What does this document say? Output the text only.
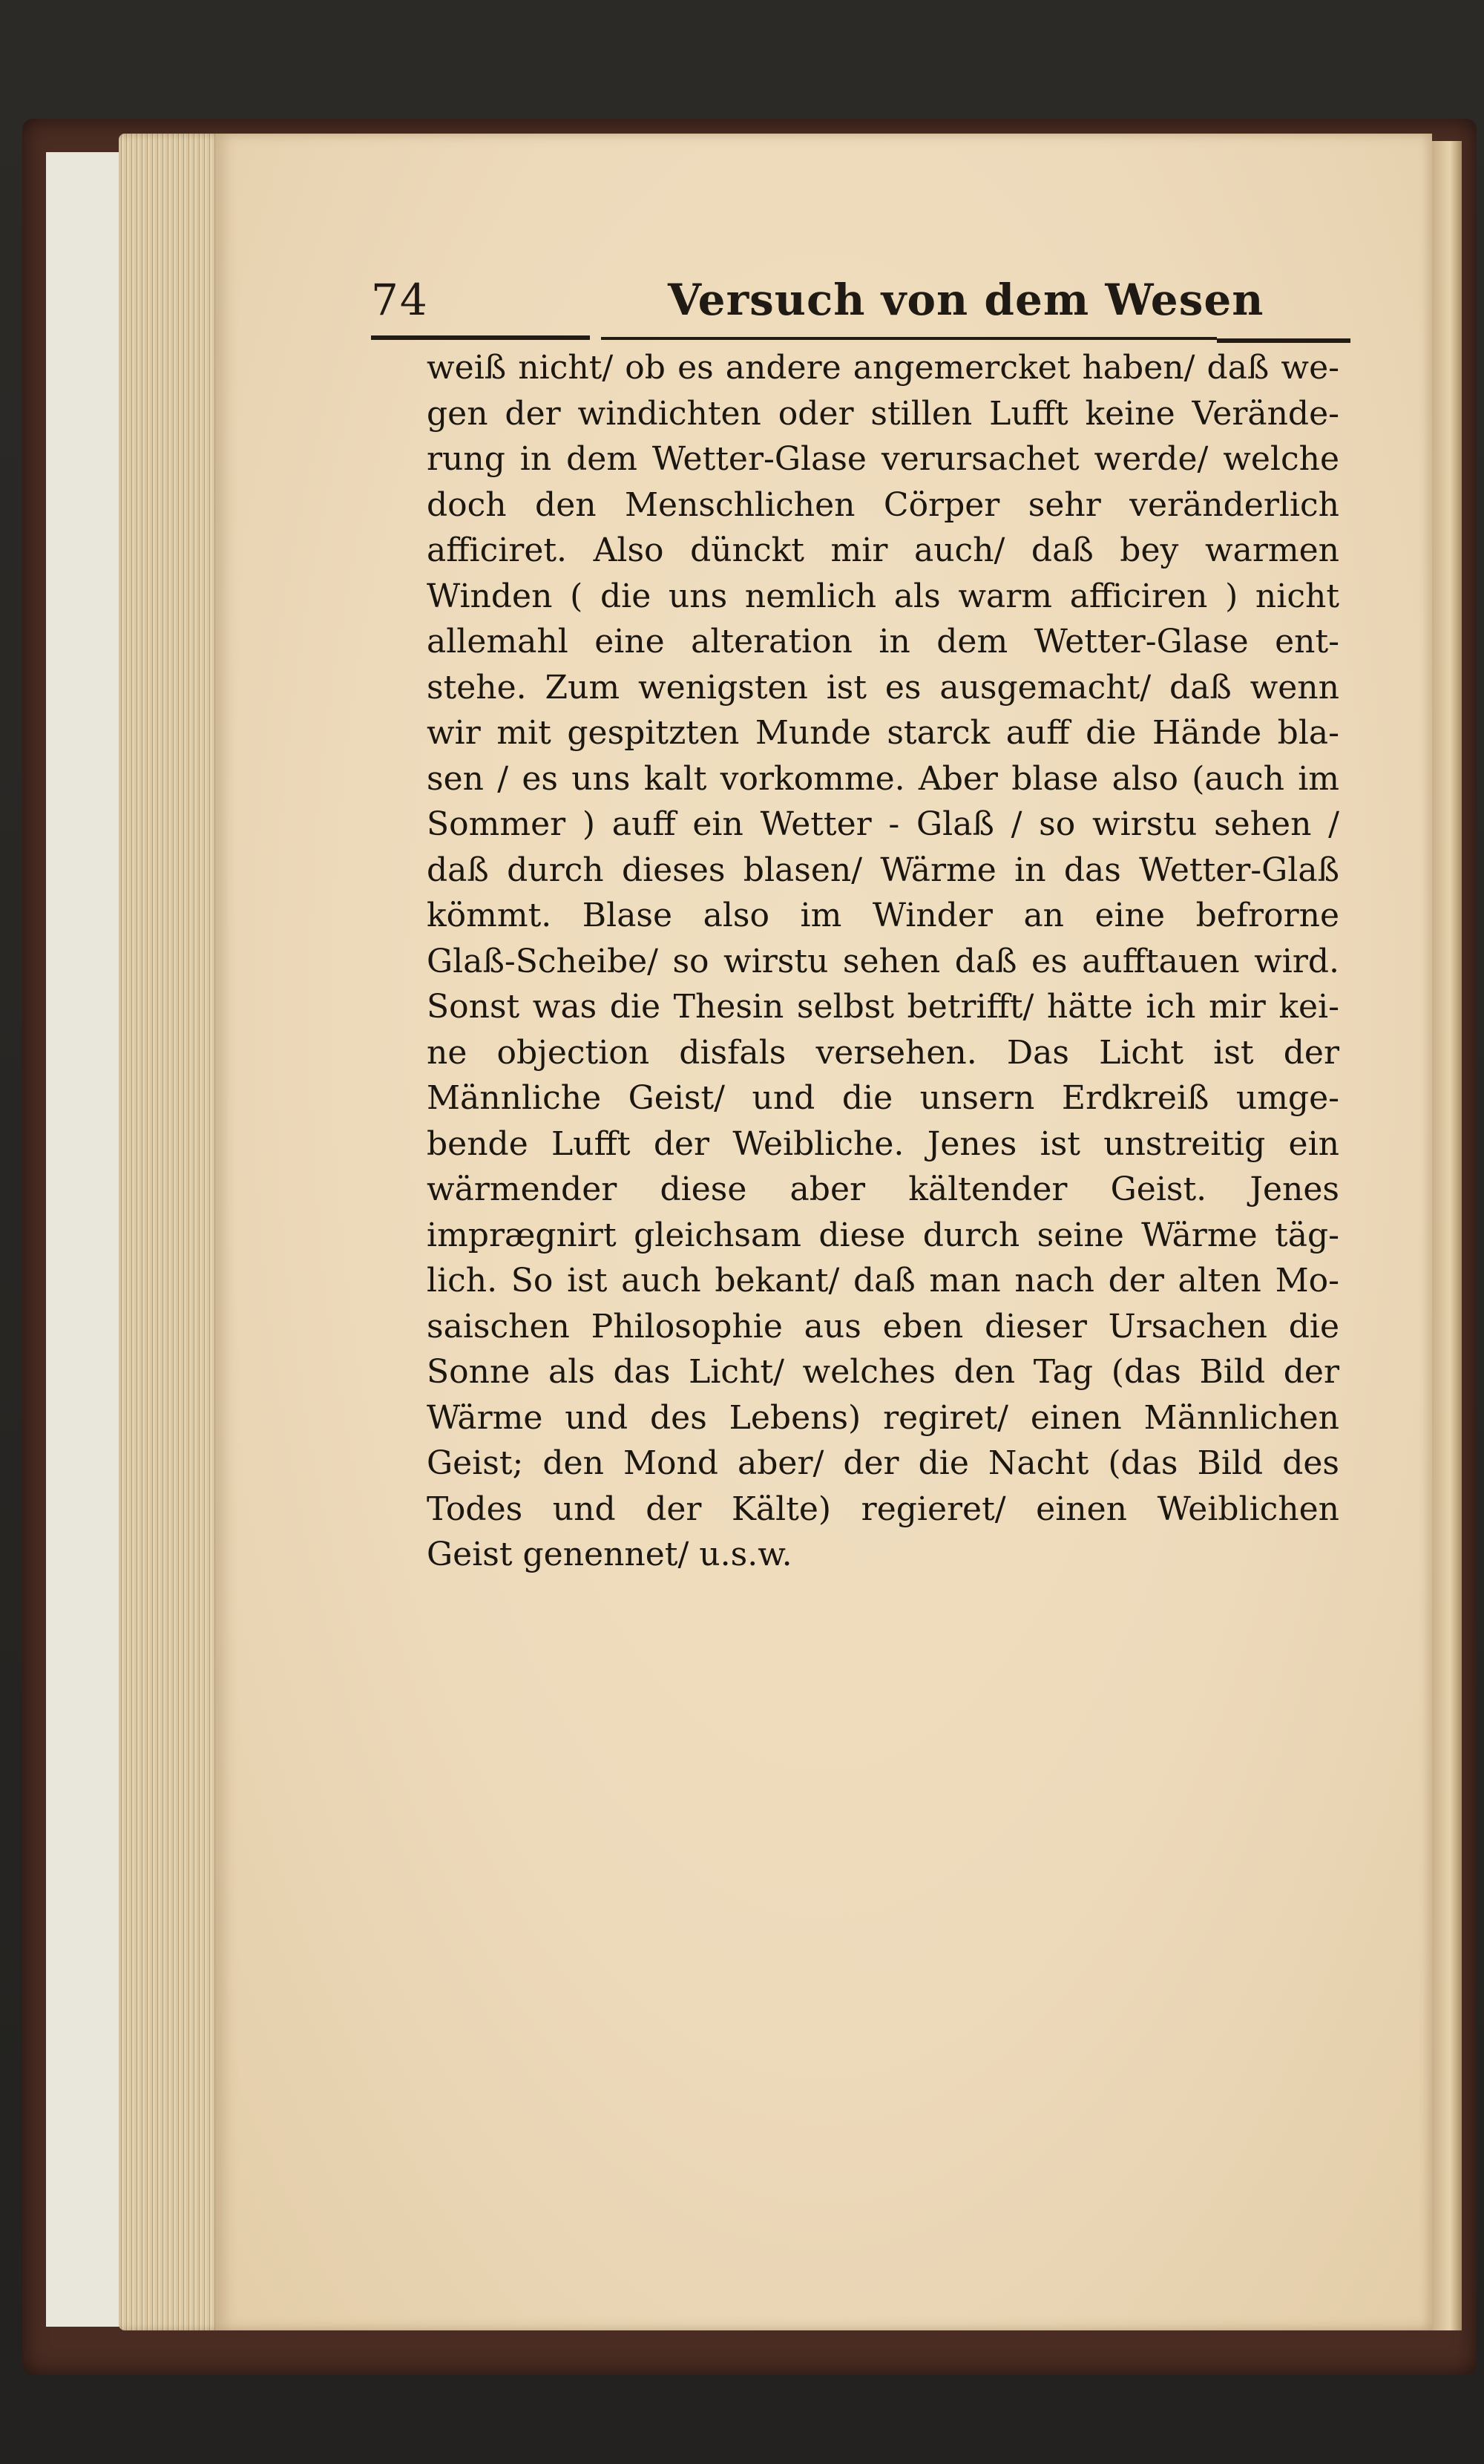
74	Versuch von dem Wesen
weiß nicht/ ob es andere angemercket haben/ daß we-
gen der windichten oder stillen Lufft keine Verände-
rung in dem Wetter-Glase verursachet werde/ welche
doch den Menschlichen Cörper sehr veränderlich
afficiret. Also dünckt mir auch/ daß bey warmen
Winden ( die uns nemlich als warm afficiren ) nicht
allemahl eine alteration in dem Wetter-Glase ent-
stehe. Zum wenigsten ist es ausgemacht/ daß wenn
wir mit gespitzten Munde starck auff die Hände bla-
sen / es uns kalt vorkomme. Aber blase also (auch im
Sommer ) auff ein Wetter - Glaß / so wirstu sehen /
daß durch dieses blasen/ Wärme in das Wetter-Glaß
kömmt. Blase also im Winder an eine befrorne
Glaß-Scheibe/ so wirstu sehen daß es aufftauen wird.
Sonst was die Thesin selbst betrifft/ hätte ich mir kei-
ne objection disfals versehen. Das Licht ist der
Männliche Geist/ und die unsern Erdkreiß umge-
bende Lufft der Weibliche. Jenes ist unstreitig ein
wärmender diese aber kältender Geist. Jenes
imprægnirt gleichsam diese durch seine Wärme täg-
lich. So ist auch bekant/ daß man nach der alten Mo-
saischen Philosophie aus eben dieser Ursachen die
Sonne als das Licht/ welches den Tag (das Bild der
Wärme und des Lebens) regiret/ einen Männlichen
Geist; den Mond aber/ der die Nacht (das Bild des
Todes und der Kälte) regieret/ einen Weiblichen
Geist genennet/ u.s.w.
